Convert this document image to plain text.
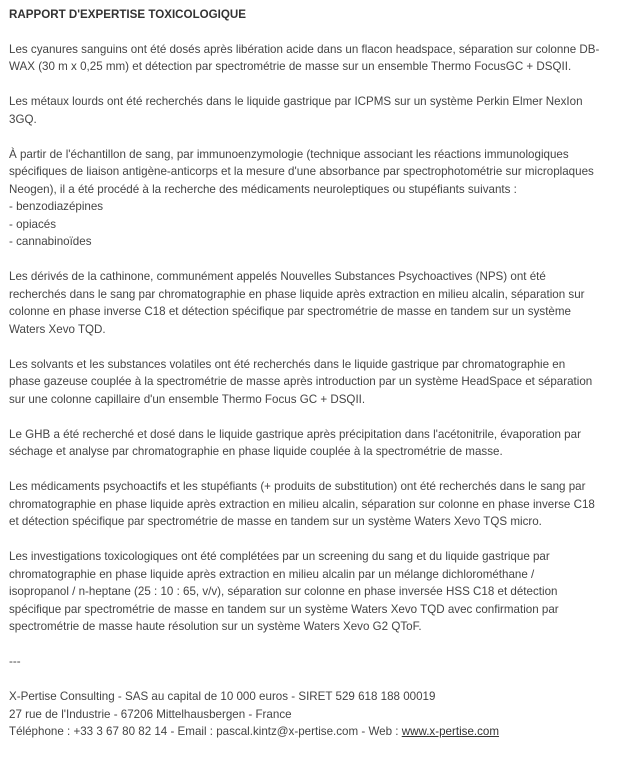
RAPPORT D'EXPERTISE TOXICOLOGIQUE
Les cyanures sanguins ont été dosés après libération acide dans un flacon headspace, séparation sur colonne DB-
WAX (30 m x 0,25 mm) et détection par spectrométrie de masse sur un ensemble Thermo FocusGC + DSQII.
Les métaux lourds ont été recherchés dans le liquide gastrique par ICPMS sur un système Perkin Elmer NexIon
3GQ.
À partir de l'échantillon de sang, par immunoenzymologie (technique associant les réactions immunologiques
spécifiques de liaison antigène-anticorps et la mesure d'une absorbance par spectrophotométrie sur microplaques
Neogen), il a été procédé à la recherche des médicaments neuroleptiques ou stupéfiants suivants :
- benzodiazépines
- opiacés
- cannabinoïdes
Les dérivés de la cathinone, communément appelés Nouvelles Substances Psychoactives (NPS) ont été
recherchés dans le sang par chromatographie en phase liquide après extraction en milieu alcalin, séparation sur
colonne en phase inverse C18 et détection spécifique par spectrométrie de masse en tandem sur un système
Waters Xevo TQD.
Les solvants et les substances volatiles ont été recherchés dans le liquide gastrique par chromatographie en
phase gazeuse couplée à la spectrométrie de masse après introduction par un système HeadSpace et séparation
sur une colonne capillaire d'un ensemble Thermo Focus GC + DSQII.
Le GHB a été recherché et dosé dans le liquide gastrique après précipitation dans l'acétonitrile, évaporation par
séchage et analyse par chromatographie en phase liquide couplée à la spectrométrie de masse.
Les médicaments psychoactifs et les stupéfiants (+ produits de substitution) ont été recherchés dans le sang par
chromatographie en phase liquide après extraction en milieu alcalin, séparation sur colonne en phase inverse C18
et détection spécifique par spectrométrie de masse en tandem sur un système Waters Xevo TQS micro.
Les investigations toxicologiques ont été complétées par un screening du sang et du liquide gastrique par
chromatographie en phase liquide après extraction en milieu alcalin par un mélange dichlorométhane /
isopropanol / n-heptane (25 : 10 : 65, v/v), séparation sur colonne en phase inversée HSS C18 et détection
spécifique par spectrométrie de masse en tandem sur un système Waters Xevo TQD avec confirmation par
spectrométrie de masse haute résolution sur un système Waters Xevo G2 QToF.
---
X-Pertise Consulting - SAS au capital de 10 000 euros - SIRET 529 618 188 00019
27 rue de l'Industrie - 67206 Mittelhausbergen - France
Téléphone : +33 3 67 80 82 14 - Email : pascal.kintz@x-pertise.com - Web : www.x-pertise.com
